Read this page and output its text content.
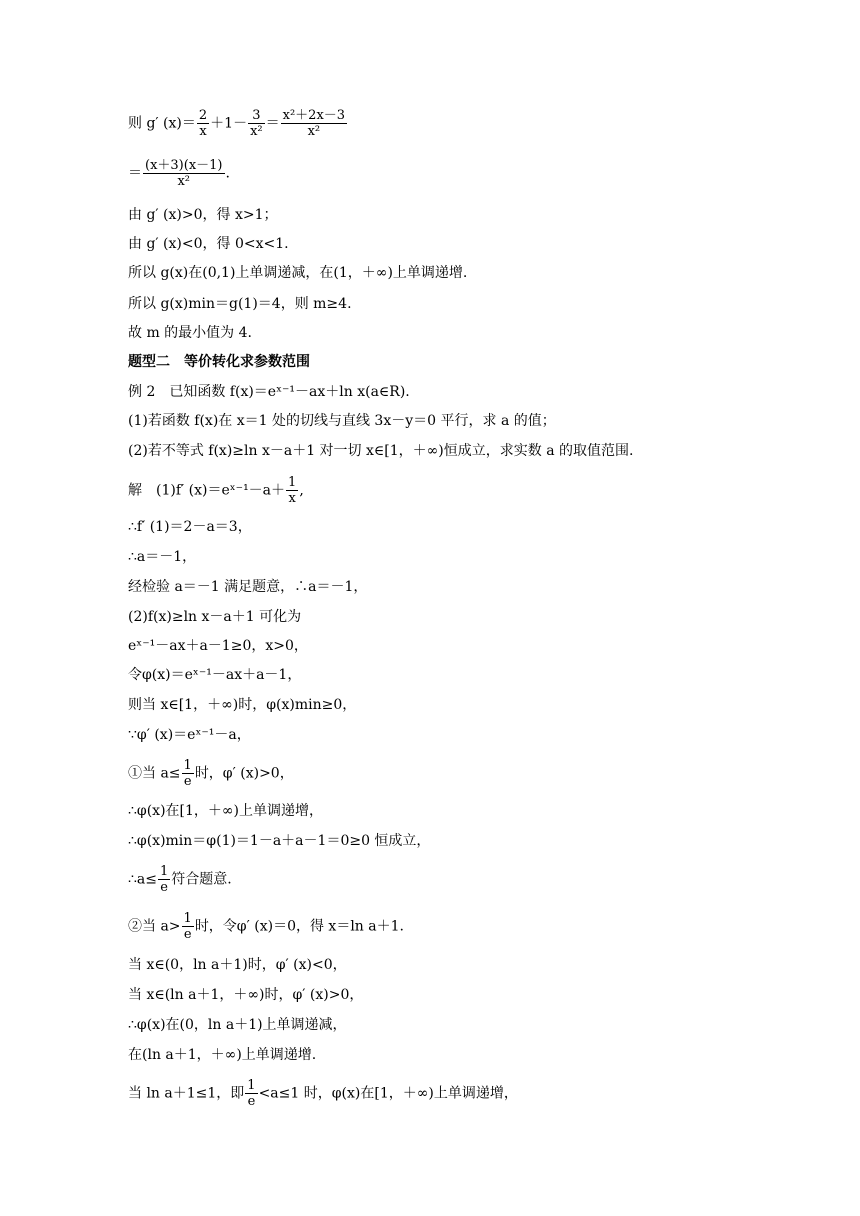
则 g′ $(x)= \frac{2}{x} +1- \frac{3}{\text{x²}} = \frac{\text{x²＋2x－3}}{\text{x²}}$
＝ $\frac{(x+3)(x-1)}{\text{x²}}$ .
由 g′ (x)>0，得 x>1；
由 g′ (x)<0，得 0<x<1.
所以 g(x)在(0,1)上单调递减，在(1，＋∞)上单调递增.
所以 g(x)min＝g(1)＝4，则 m≥4.
故 m 的最小值为 4.
题型二　等价转化求参数范围
例 2　已知函数 f(x)＝eˣ⁻¹－ax＋ln x(a∈R).
(1)若函数 f(x)在 x＝1 处的切线与直线 3x－y＝0 平行，求 a 的值；
(2)若不等式 f(x)≥ln x－a＋1 对一切 x∈[1，＋∞)恒成立，求实数 a 的取值范围.
解　(1)f′ (x)＝eˣ⁻¹－a＋ $\frac{1}{x}$ ,
∴f′ (1)＝2－a＝3，
∴a＝－1，
经检验 a＝－1 满足题意，∴a＝－1，
(2)f(x)≥ln x－a＋1 可化为
eˣ⁻¹－ax＋a－1≥0，x>0，
令φ(x)＝eˣ⁻¹－ax＋a－1，
则当 x∈[1，＋∞)时，φ(x)min≥0，
∵φ′ (x)＝eˣ⁻¹－a，
①当 $a\le \frac{1}{e}$ 时，φ′ (x)>0，
∴φ(x)在[1，＋∞)上单调递增，
∴φ(x)min＝φ(1)＝1－a＋a－1＝0≥0 恒成立，
∴a≤ $\frac{1}{e}$ 符合题意.
②当 $a> \frac{1}{e}$ 时，令φ′ (x)＝0，得 x＝ln a＋1.
当 x∈(0，ln a＋1)时，φ′ (x)<0，
当 x∈(ln a＋1，＋∞)时，φ′ (x)>0，
∴φ(x)在(0，ln a＋1)上单调递减，
在(ln a＋1，＋∞)上单调递增.
当 ln a＋1≤1，即 $\frac{1}{e} <a\le 1$ 时，φ(x)在[1，＋∞)上单调递增，
